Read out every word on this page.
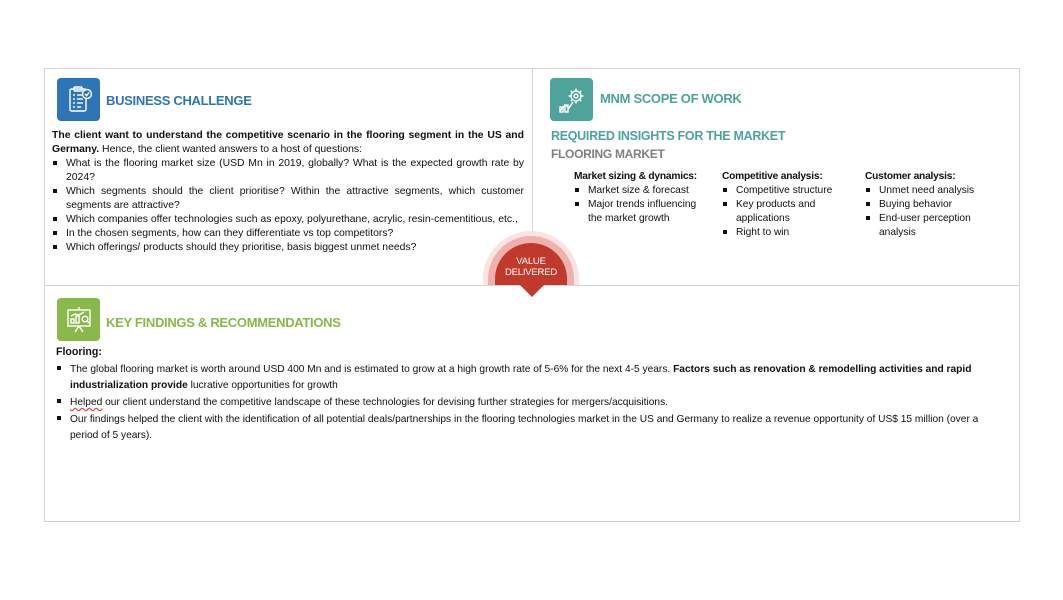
BUSINESS CHALLENGE

The client want to understand the competitive scenario in the flooring segment in the US and Germany. Hence, the client wanted answers to a host of questions:

What is the flooring market size (USD Mn in 2019, globally? What is the expected growth rate by 2024?
Which segments should the client prioritise? Within the attractive segments, which customer segments are attractive?
Which companies offer technologies such as epoxy, polyurethane, acrylic, resin-cementitious, etc.,
In the chosen segments, how can they differentiate vs top competitors?
Which offerings/ products should they prioritise, basis biggest unmet needs?
MNM SCOPE OF WORK
REQUIRED INSIGHTS FOR THE MARKET
FLOORING MARKET
Market sizing & dynamics:
Market size & forecast
Major trends influencing the market growth
Competitive analysis:
Competitive structure
Key products and applications
Right to win
Customer analysis:
Unmet need analysis
Buying behavior
End-user perception analysis
VALUE
DELIVERED
KEY FINDINGS & RECOMMENDATIONS
Flooring:
The global flooring market is worth around USD 400 Mn and is estimated to grow at a high growth rate of 5-6% for the next 4-5 years. Factors such as renovation & remodelling activities and rapid industrialization provide lucrative opportunities for growth
Helped our client understand the competitive landscape of these technologies for devising further strategies for mergers/acquisitions.
Our findings helped the client with the identification of all potential deals/partnerships in the flooring technologies market in the US and Germany to realize a revenue opportunity of US$ 15 million (over a period of 5 years).
